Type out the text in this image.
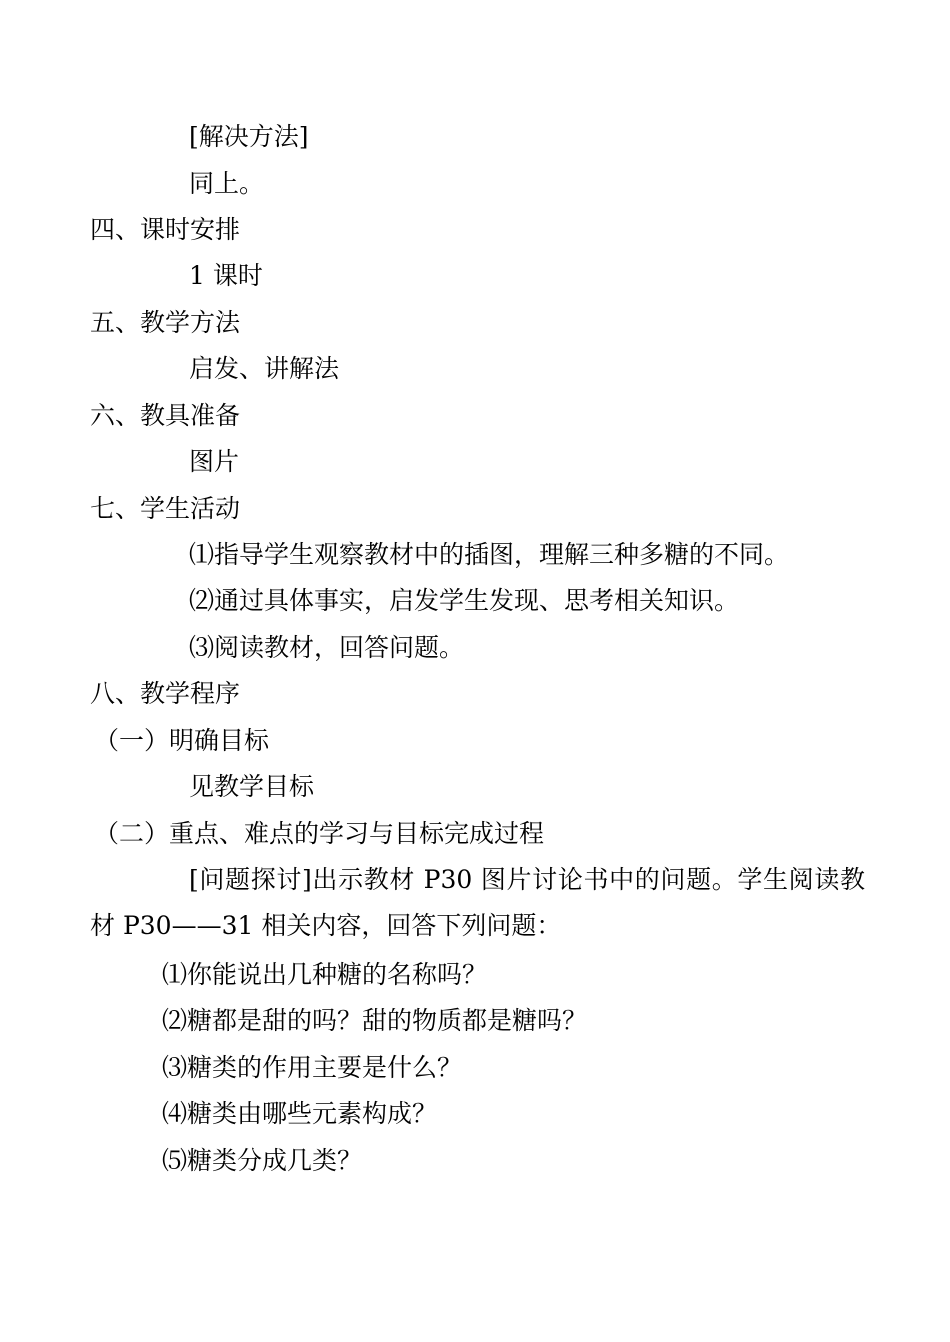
[解决方法]
同上。
四、课时安排
1 课时
五、教学方法
启发、讲解法
六、教具准备
图片
七、学生活动
⑴指导学生观察教材中的插图，理解三种多糖的不同。
⑵通过具体事实，启发学生发现、思考相关知识。
⑶阅读教材，回答问题。
八、教学程序
（一）明确目标
见教学目标
（二）重点、难点的学习与目标完成过程
[问题探讨]出示教材 P30 图片讨论书中的问题。学生阅读教材 P30——31 相关内容，回答下列问题：
⑴你能说出几种糖的名称吗？
⑵糖都是甜的吗？甜的物质都是糖吗？
⑶糖类的作用主要是什么？
⑷糖类由哪些元素构成？
⑸糖类分成几类？
